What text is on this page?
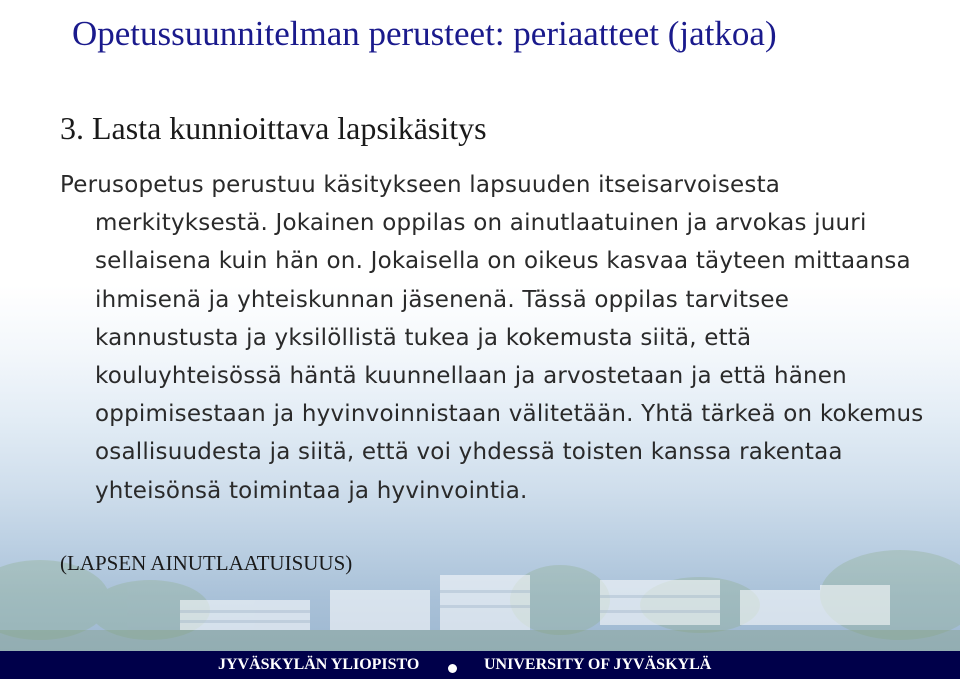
Opetussuunnitelman perusteet: periaatteet (jatkoa)
3. Lasta kunnioittava lapsikäsitys

Perusopetus perustuu käsitykseen lapsuuden itseisarvoisesta merkityksestä. Jokainen oppilas on ainutlaatuinen ja arvokas juuri sellaisena kuin hän on. Jokaisella on oikeus kasvaa täyteen mittaansa ihmisenä ja yhteiskunnan jäsenenä. Tässä oppilas tarvitsee kannustusta ja yksilöllistä tukea ja kokemusta siitä, että kouluyhteisössä häntä kuunnellaan ja arvostetaan ja että hänen oppimisestaan ja hyvinvoinnistaan välitetään. Yhtä tärkeä on kokemus osallisuudesta ja siitä, että voi yhdessä toisten kanssa rakentaa yhteisönsä toimintaa ja hyvinvointia.

(LAPSEN AINUTLAATUISUUS)

JYVÄSKYLÄN YLIOPISTO	UNIVERSITY OF JYVÄSKYLÄ
